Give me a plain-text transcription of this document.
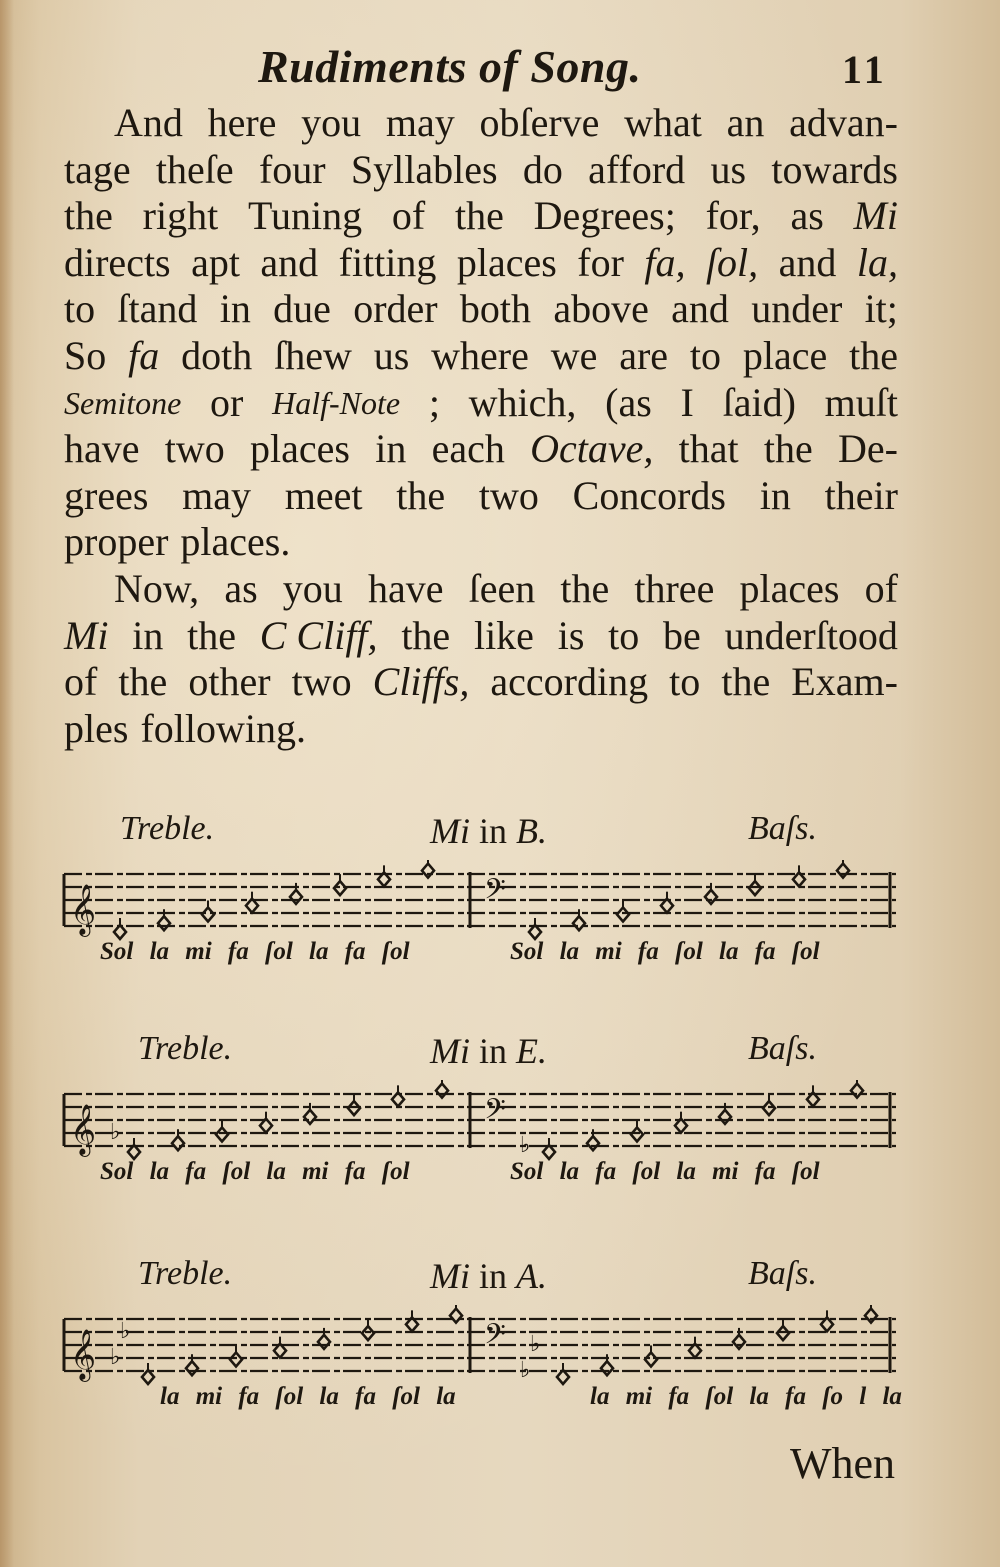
Rudiments of Song.	11
And here you may obſerve what an advan-
tage theſe four Syllables do afford us towards
the right Tuning of the Degrees; for, as Mi
directs apt and fitting places for fa, ſol, and la,
to ſtand in due order both above and under it;
So fa doth ſhew us where we are to place the
Semitone or Half-Note ; which, (as I ſaid) muſt
have two places in each Octave, that the De-
grees may meet the two Concords in their
proper places.
Now, as you have ſeen the three places of
Mi in the C Cliff, the like is to be underſtood
of the other two Cliffs, according to the Exam-
ples following.
Treble.	Mi in B.	Baſs.
𝄞	𝄢
Sol la mi fa ſol la fa ſol	Sol la mi fa ſol la fa ſol
Treble.	Mi in E.	Baſs.
𝄞	𝄢
♭
♭
Sol la fa ſol la mi fa ſol	Sol la fa ſol la mi fa ſol
Treble.	Mi in A.	Baſs.
𝄞	𝄢
♭
♭
♭
♭
la mi fa ſol la fa ſol la	la mi fa ſol la fa ſo l la
When
